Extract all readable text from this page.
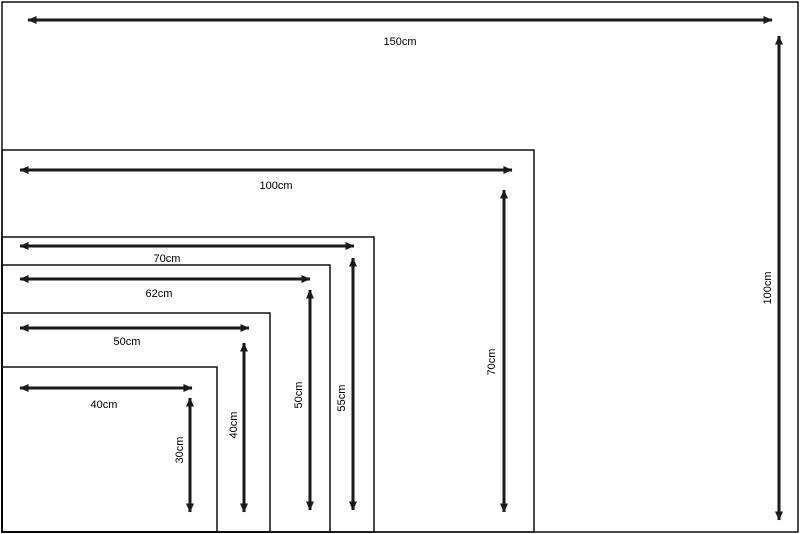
150cm
100cm
70cm
62cm
50cm
40cm
100cm
70cm
55cm
50cm
40cm
30cm
